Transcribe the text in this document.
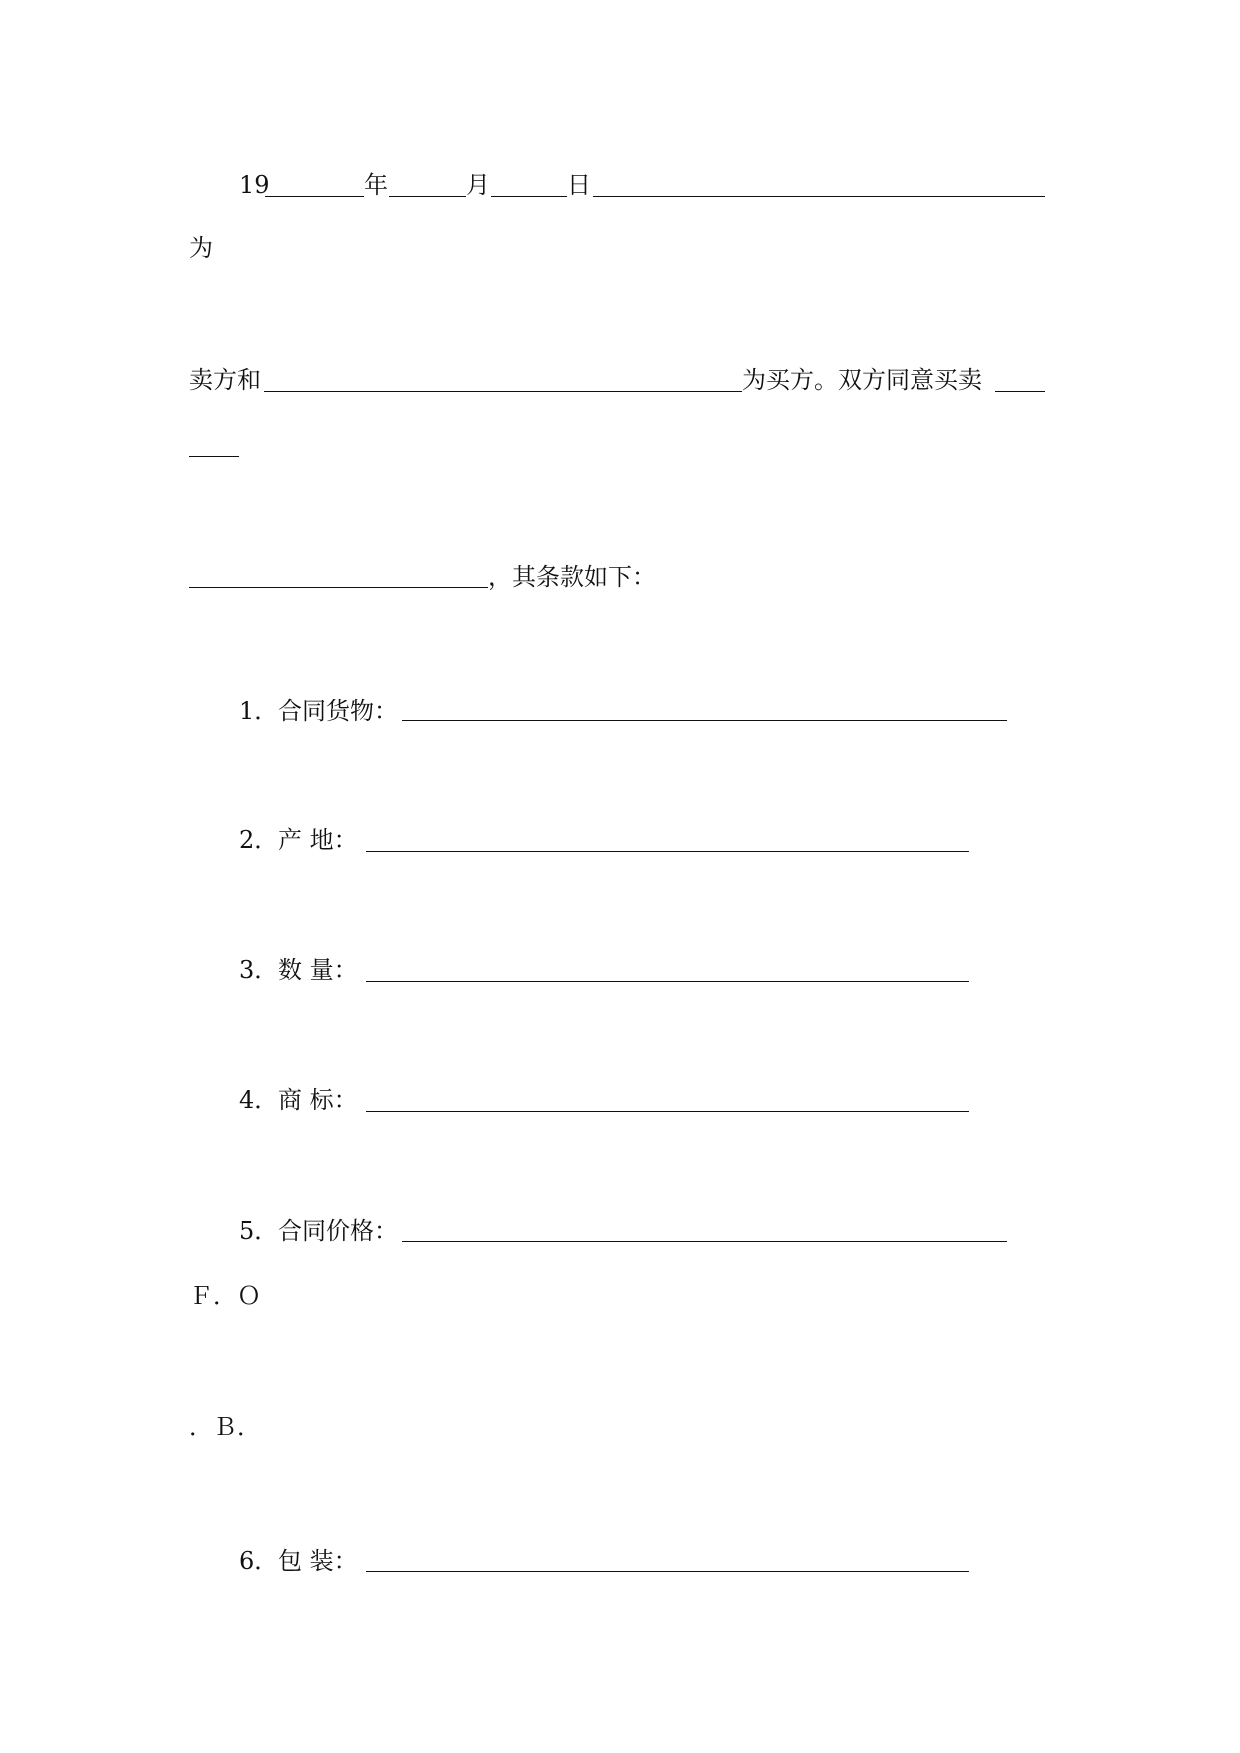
19	年	月	日
为
卖方和	为买方。双方同意买卖
，其条款如下：
1． 合同货物：
2． 产 地：
3． 数 量：
4． 商 标：
5． 合同价格：
Ｆ．Ｏ
．Ｂ．
6． 包 装：
